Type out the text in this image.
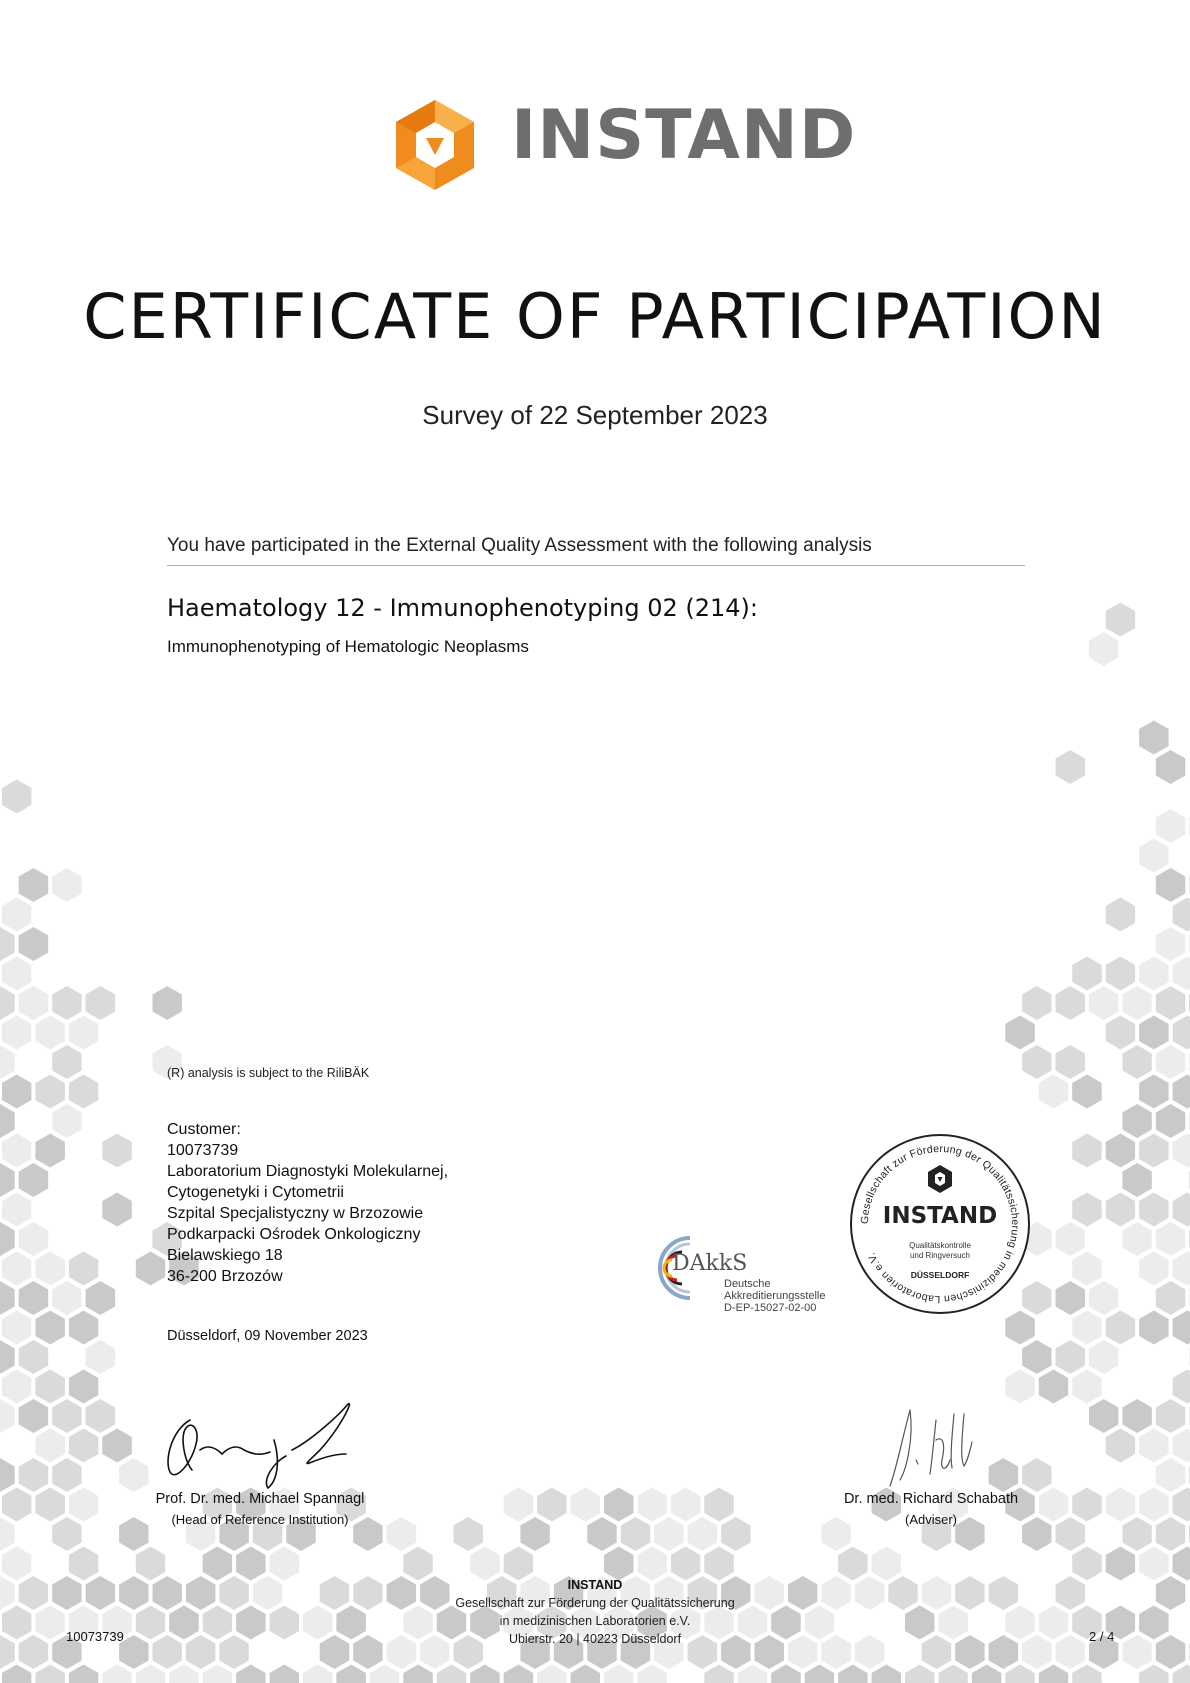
INSTAND
CERTIFICATE OF PARTICIPATION
Survey of 22 September 2023
You have participated in the External Quality Assessment with the following analysis
Haematology 12 - Immunophenotyping 02 (214):
Immunophenotyping of Hematologic Neoplasms
(R) analysis is subject to the RiliBÄK
Customer:
10073739
Laboratorium Diagnostyki Molekularnej,
Cytogenetyki i Cytometrii
Szpital Specjalistyczny w Brzozowie
Podkarpacki Ośrodek Onkologiczny
Bielawskiego 18
36-200 Brzozów
DAkkS
Deutsche
Akkreditierungsstelle
D-EP-15027-02-00
Gesellschaft zur Förderung der Qualitätssicherung in medizinischen Laboratorien e.V.
INSTAND
Qualitätskontrolle
und Ringversuch
DÜSSELDORF
Düsseldorf, 09 November 2023
Prof. Dr. med. Michael Spannagl
(Head of Reference Institution)
Dr. med. Richard Schabath
(Adviser)
INSTAND
Gesellschaft zur Förderung der Qualitätssicherung
in medizinischen Laboratorien e.V.
Ubierstr. 20 | 40223 Düsseldorf
10073739	2 / 4
